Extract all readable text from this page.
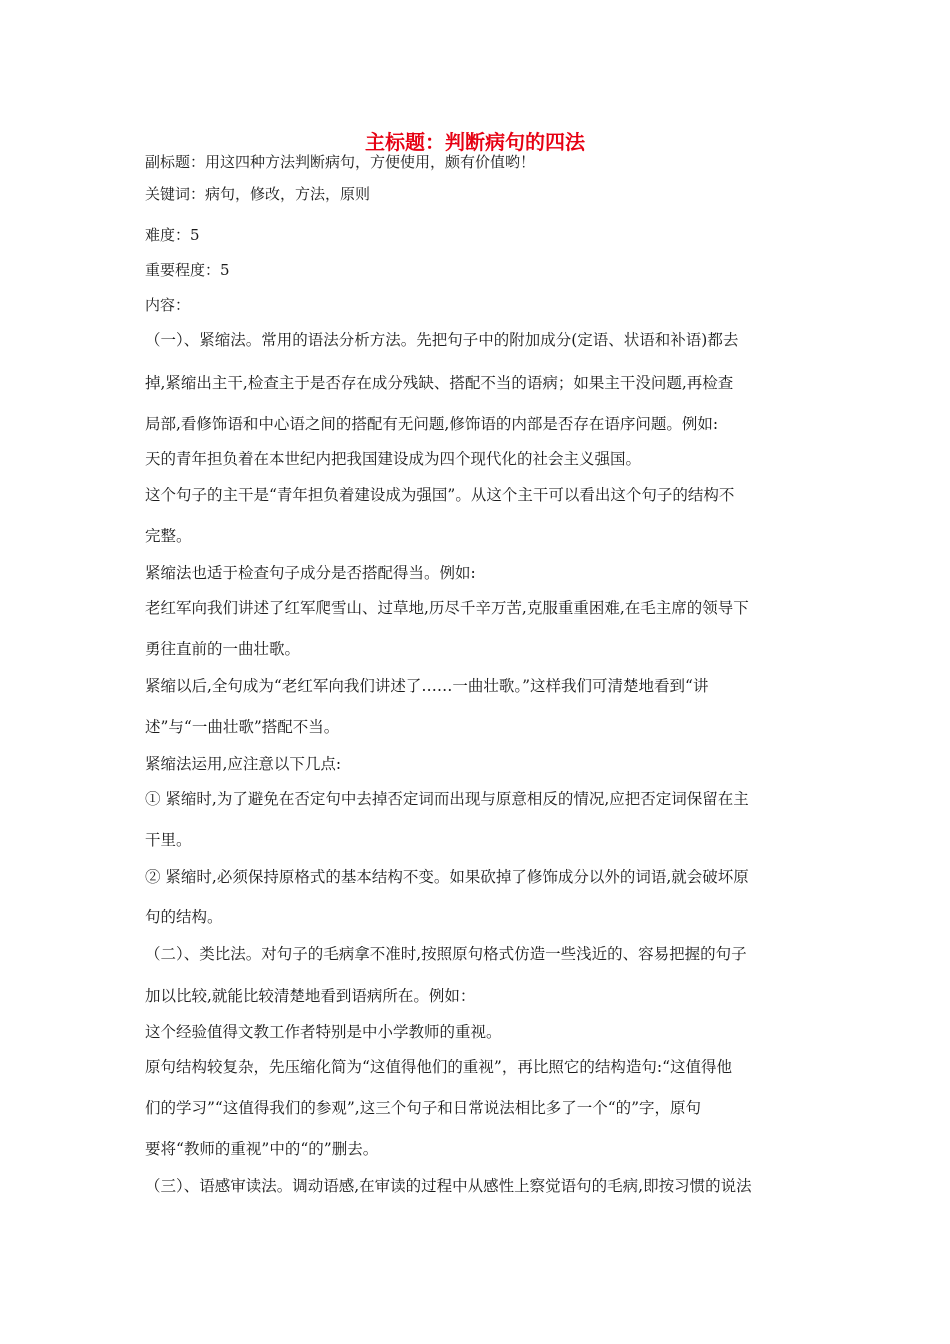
主标题：判断病句的四法
副标题：用这四种方法判断病句，方便使用，颇有价值哟！
关键词：病句，修改，方法，原则
难度：5
重要程度：5
内容：
（一）、紧缩法。常用的语法分析方法。先把句子中的附加成分(定语、状语和补语)都去
掉,紧缩出主干,检查主于是否存在成分残缺、搭配不当的语病；如果主干没问题,再检查
局部,看修饰语和中心语之间的搭配有无问题,修饰语的内部是否存在语序问题。例如:
天的青年担负着在本世纪内把我国建设成为四个现代化的社会主义强国。
这个句子的主干是“青年担负着建设成为强国”。从这个主干可以看出这个句子的结构不
完整。
紧缩法也适于检查句子成分是否搭配得当。例如:
老红军向我们讲述了红军爬雪山、过草地,历尽千辛万苦,克服重重困难,在毛主席的领导下
勇往直前的一曲壮歌。
紧缩以后,全句成为“老红军向我们讲述了……一曲壮歌。”这样我们可清楚地看到“讲
述”与“一曲壮歌”搭配不当。
紧缩法运用,应注意以下几点:
① 紧缩时,为了避免在否定句中去掉否定词而出现与原意相反的情况,应把否定词保留在主
干里。
② 紧缩时,必须保持原格式的基本结构不变。如果砍掉了修饰成分以外的词语,就会破坏原
句的结构。
（二）、类比法。对句子的毛病拿不准时,按照原句格式仿造一些浅近的、容易把握的句子
加以比较,就能比较清楚地看到语病所在。例如：
这个经验值得文教工作者特别是中小学教师的重视。
原句结构较复杂，先压缩化简为“这值得他们的重视”，再比照它的结构造句:“这值得他
们的学习”“这值得我们的参观”,这三个句子和日常说法相比多了一个“的”字，原句
要将“教师的重视”中的“的”删去。
（三）、语感审读法。调动语感,在审读的过程中从感性上察觉语句的毛病,即按习惯的说法
